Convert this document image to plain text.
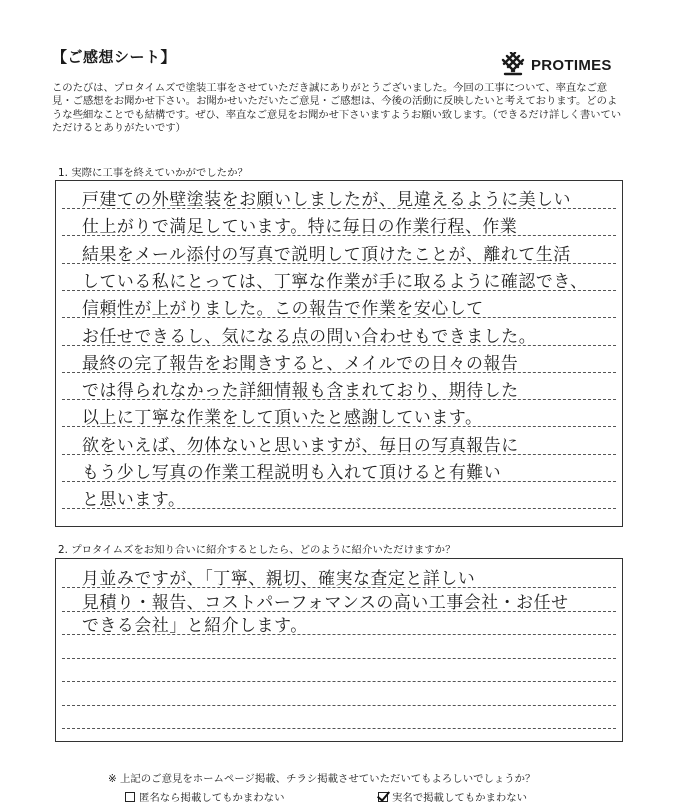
【ご感想シート】	PROTIMES

このたびは、プロタイムズで塗装工事をさせていただき誠にありがとうございました。今回の工事について、率直なご意見・ご感想をお聞かせ下さい。お聞かせいただいたご意見・ご感想は、今後の活動に反映したいと考えております。どのような些細なことでも結構です。ぜひ、率直なご意見をお聞かせ下さいますようお願い致します。（できるだけ詳しく書いていただけるとありがたいです）

1. 実際に工事を終えていかがでしたか？
戸建ての外壁塗装をお願いしましたが、見違えるように美しい
仕上がりで満足しています。特に毎日の作業行程、作業
結果をメール添付の写真で説明して頂けたことが、離れて生活
している私にとっては、丁寧な作業が手に取るように確認でき、
信頼性が上がりました。この報告で作業を安心して
お任せできるし、気になる点の問い合わせもできました。
最終の完了報告をお聞きすると、メイルでの日々の報告
では得られなかった詳細情報も含まれており、期待した
以上に丁寧な作業をして頂いたと感謝しています。
欲をいえば、勿体ないと思いますが、毎日の写真報告に
もう少し写真の作業工程説明も入れて頂けると有難い
と思います。
2. プロタイムズをお知り合いに紹介するとしたら、どのように紹介いただけますか？
月並みですが、「丁寧、親切、確実な査定と詳しい
見積り・報告、コストパーフォマンスの高い工事会社・お任せ
できる会社」と紹介します。
※ 上記のご意見をホームページ掲載、チラシ掲載させていただいてもよろしいでしょうか？
匿名なら掲載してもかまわない	実名で掲載してもかまわない
